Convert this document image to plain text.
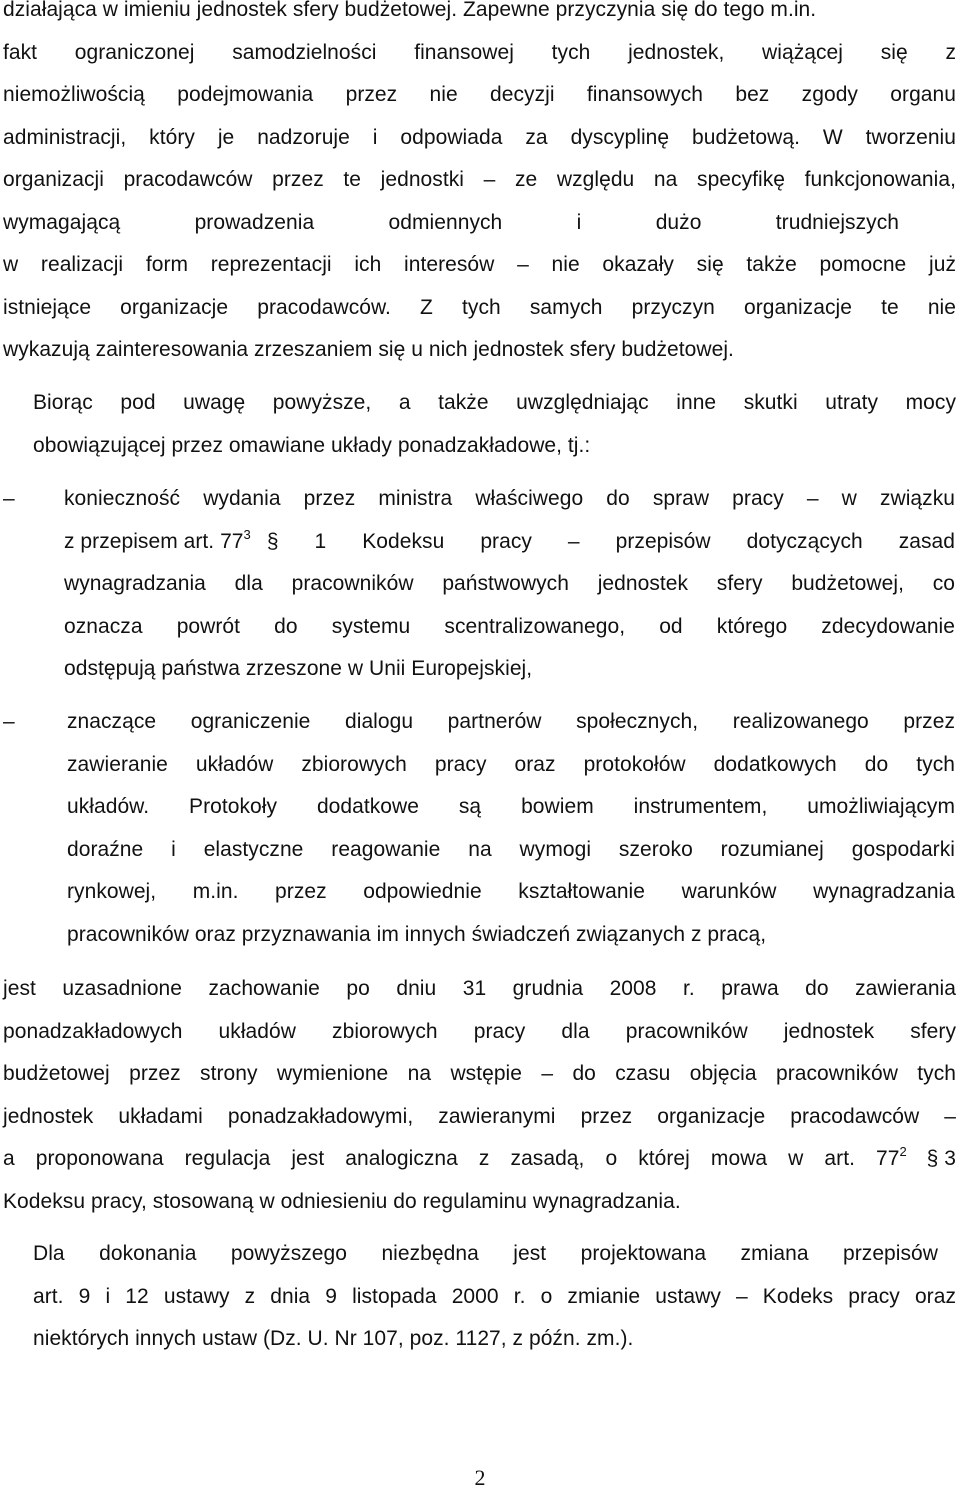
działająca w imieniu jednostek sfery budżetowej. Zapewne przyczynia się do tego m.in.
fakt ograniczonej samodzielności finansowej tych jednostek, wiążącej się z
niemożliwością podejmowania przez nie decyzji finansowych bez zgody organu
administracji, który je nadzoruje i odpowiada za dyscyplinę budżetową. W tworzeniu
organizacji pracodawców przez te jednostki – ze względu na specyfikę funkcjonowania,
wymagającą prowadzenia odmiennych i dużo trudniejszych
w realizacji form reprezentacji ich interesów – nie okazały się także pomocne już
istniejące organizacje pracodawców. Z tych samych przyczyn organizacje te nie
wykazują zainteresowania zrzeszaniem się u nich jednostek sfery budżetowej.
Biorąc pod uwagę powyższe, a także uwzględniając inne skutki utraty mocy
obowiązującej przez omawiane układy ponadzakładowe, tj.:
– konieczność wydania przez ministra właściwego do spraw pracy – w związku
z przepisem art. $77^3$ § 1 Kodeksu pracy – przepisów dotyczących zasad
wynagradzania dla pracowników państwowych jednostek sfery budżetowej, co
oznacza powrót do systemu scentralizowanego, od którego zdecydowanie
odstępują państwa zrzeszone w Unii Europejskiej,
– znaczące ograniczenie dialogu partnerów społecznych, realizowanego przez
zawieranie układów zbiorowych pracy oraz protokołów dodatkowych do tych
układów. Protokoły dodatkowe są bowiem instrumentem, umożliwiającym
doraźne i elastyczne reagowanie na wymogi szeroko rozumianej gospodarki
rynkowej, m.in. przez odpowiednie kształtowanie warunków wynagradzania
pracowników oraz przyznawania im innych świadczeń związanych z pracą,
jest uzasadnione zachowanie po dniu 31 grudnia 2008 r. prawa do zawierania
ponadzakładowych układów zbiorowych pracy dla pracowników jednostek sfery
budżetowej przez strony wymienione na wstępie – do czasu objęcia pracowników tych
jednostek układami ponadzakładowymi, zawieranymi przez organizacje pracodawców –
a proponowana regulacja jest analogiczna z zasadą, o której mowa w art. $77^2$ § 3
Kodeksu pracy, stosowaną w odniesieniu do regulaminu wynagradzania.
Dla dokonania powyższego niezbędna jest projektowana zmiana przepisów
art. 9 i 12 ustawy z dnia 9 listopada 2000 r. o zmianie ustawy – Kodeks pracy oraz
niektórych innych ustaw (Dz. U. Nr 107, poz. 1127, z późn. zm.).
2
